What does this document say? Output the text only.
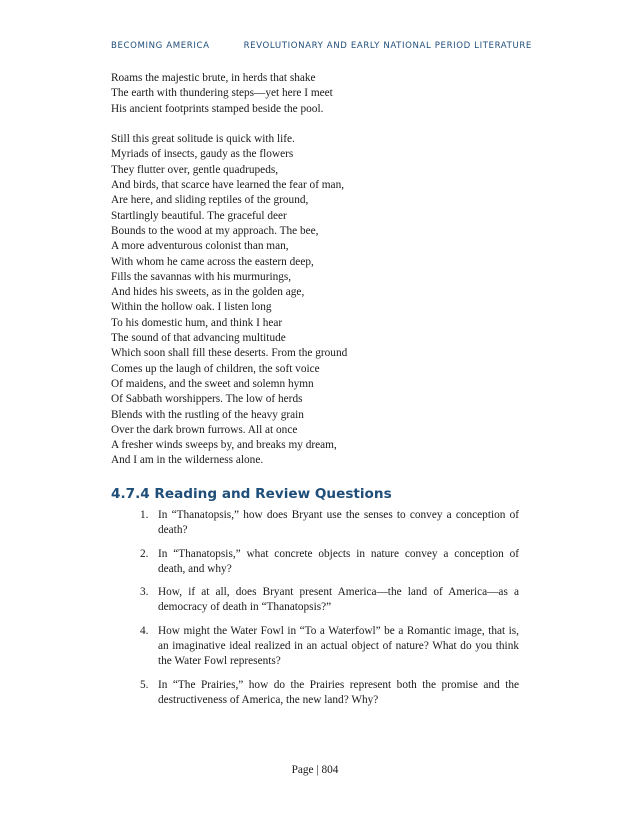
BECOMING AMERICA	REVOLUTIONARY AND EARLY NATIONAL PERIOD LITERATURE

Roams the majestic brute, in herds that shake
The earth with thundering steps—yet here I meet
His ancient footprints stamped beside the pool.

Still this great solitude is quick with life.
Myriads of insects, gaudy as the flowers
They flutter over, gentle quadrupeds,
And birds, that scarce have learned the fear of man,
Are here, and sliding reptiles of the ground,
Startlingly beautiful. The graceful deer
Bounds to the wood at my approach. The bee,
A more adventurous colonist than man,
With whom he came across the eastern deep,
Fills the savannas with his murmurings,
And hides his sweets, as in the golden age,
Within the hollow oak. I listen long
To his domestic hum, and think I hear
The sound of that advancing multitude
Which soon shall fill these deserts. From the ground
Comes up the laugh of children, the soft voice
Of maidens, and the sweet and solemn hymn
Of Sabbath worshippers. The low of herds
Blends with the rustling of the heavy grain
Over the dark brown furrows. All at once
A fresher winds sweeps by, and breaks my dream,
And I am in the wilderness alone.

4.7.4 Reading and Review Questions
1. In “Thanatopsis,” how does Bryant use the senses to convey a conception of death?
2. In “Thanatopsis,” what concrete objects in nature convey a conception of death, and why?
3. How, if at all, does Bryant present America—the land of America—as a democracy of death in “Thanatopsis?”
4. How might the Water Fowl in “To a Waterfowl” be a Romantic image, that is, an imaginative ideal realized in an actual object of nature? What do you think the Water Fowl represents?
5. In “The Prairies,” how do the Prairies represent both the promise and the destructiveness of America, the new land? Why?
Page | 804
